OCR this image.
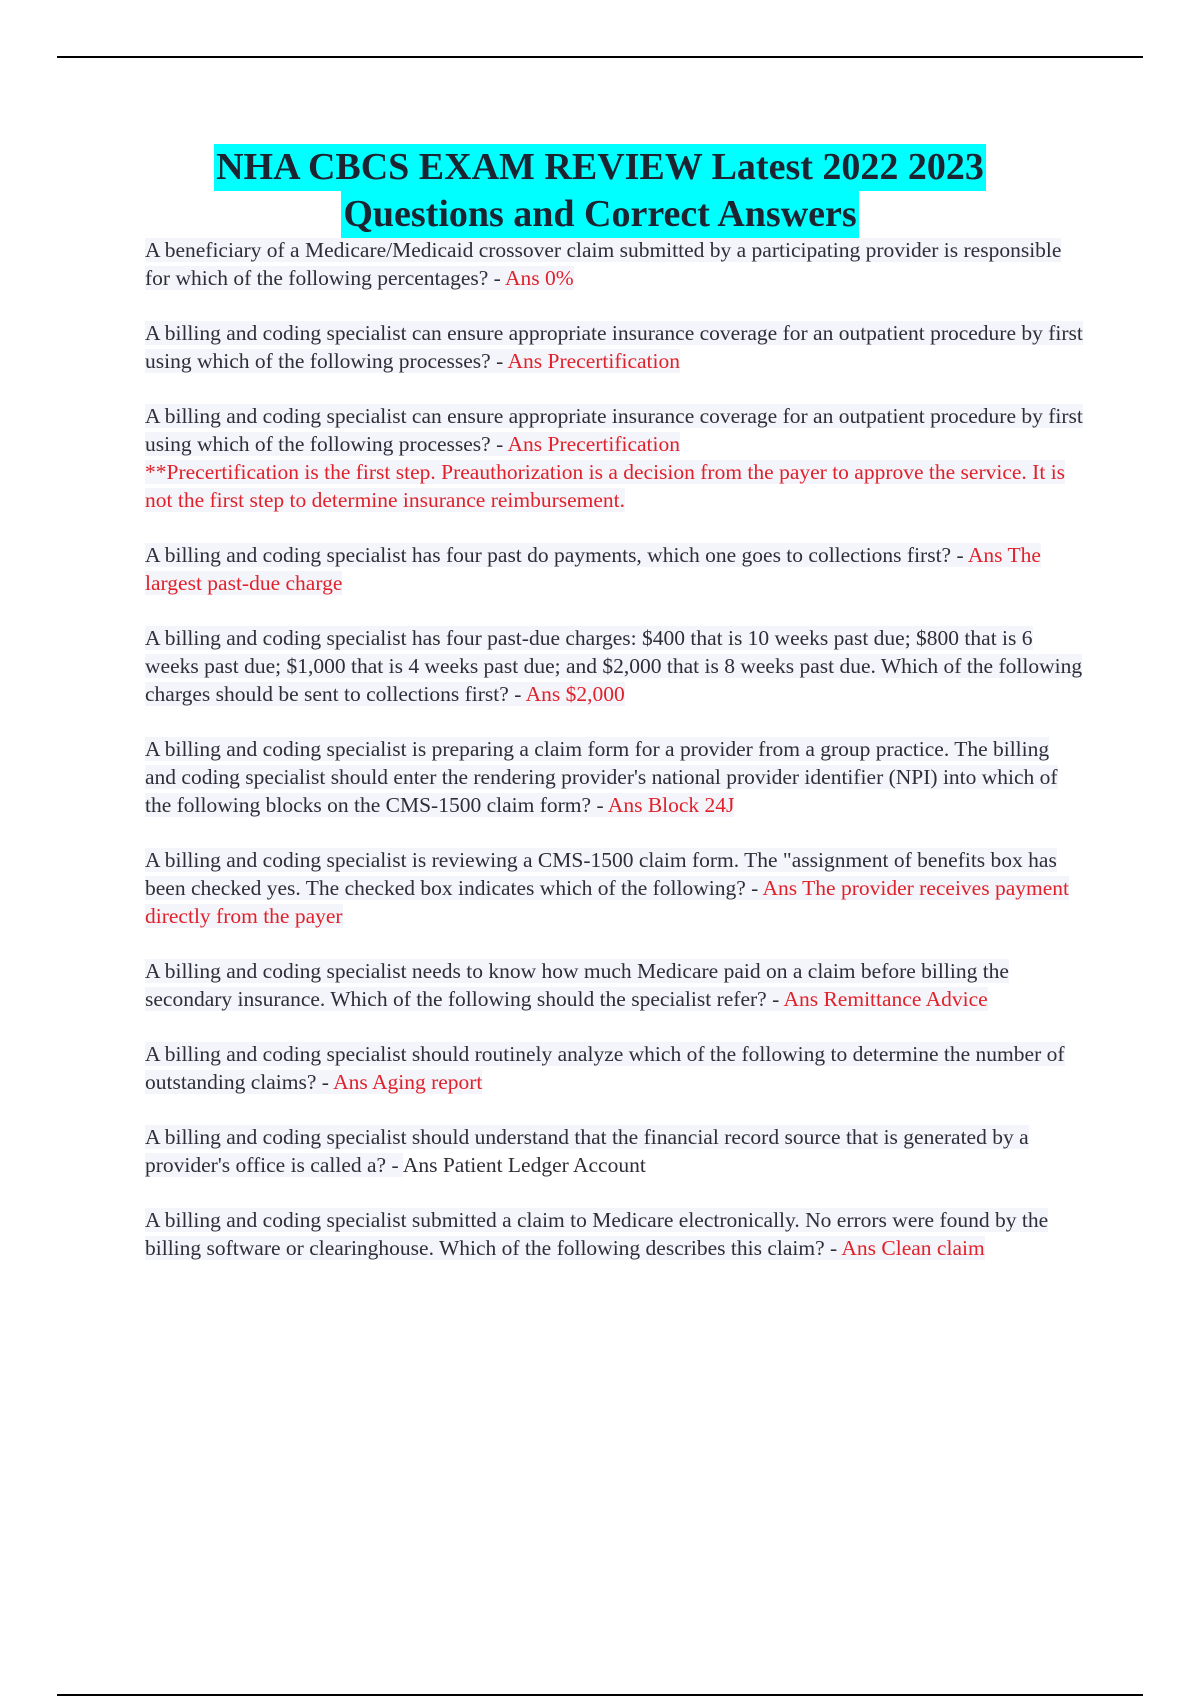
NHA CBCS EXAM REVIEW Latest 2022 2023
Questions and Correct Answers
A beneficiary of a Medicare/Medicaid crossover claim submitted by a participating provider is responsible for which of the following percentages? - Ans 0%
A billing and coding specialist can ensure appropriate insurance coverage for an outpatient procedure by first using which of the following processes? - Ans Precertification
A billing and coding specialist can ensure appropriate insurance coverage for an outpatient procedure by first using which of the following processes? - Ans Precertification
**Precertification is the first step. Preauthorization is a decision from the payer to approve the service. It is not the first step to determine insurance reimbursement.
A billing and coding specialist has four past do payments, which one goes to collections first? - Ans The largest past-due charge
A billing and coding specialist has four past-due charges: $400 that is 10 weeks past due; $800 that is 6 weeks past due; $1,000 that is 4 weeks past due; and $2,000 that is 8 weeks past due. Which of the following charges should be sent to collections first? - Ans $2,000
A billing and coding specialist is preparing a claim form for a provider from a group practice. The billing and coding specialist should enter the rendering provider's national provider identifier (NPI) into which of the following blocks on the CMS-1500 claim form? - Ans Block 24J
A billing and coding specialist is reviewing a CMS-1500 claim form. The "assignment of benefits box has been checked yes. The checked box indicates which of the following? - Ans The provider receives payment directly from the payer
A billing and coding specialist needs to know how much Medicare paid on a claim before billing the secondary insurance. Which of the following should the specialist refer? - Ans Remittance Advice
A billing and coding specialist should routinely analyze which of the following to determine the number of outstanding claims? - Ans Aging report
A billing and coding specialist should understand that the financial record source that is generated by a provider's office is called a? - Ans Patient Ledger Account
A billing and coding specialist submitted a claim to Medicare electronically. No errors were found by the billing software or clearinghouse. Which of the following describes this claim? - Ans Clean claim
